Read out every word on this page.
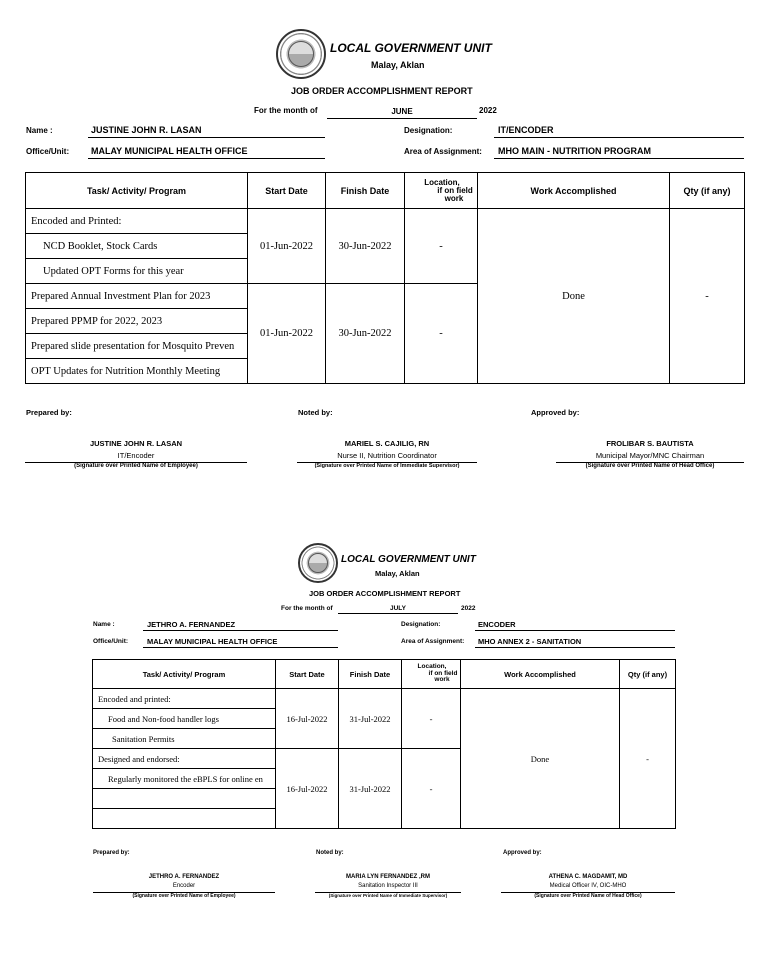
LOCAL GOVERNMENT UNIT
Malay, Aklan
JOB ORDER ACCOMPLISHMENT REPORT
For the month of	JUNE	2022
Name :	JUSTINE JOHN R. LASAN	Designation:	IT/ENCODER
Office/Unit: MALAY MUNICIPAL HEALTH OFFICE	Area of Assignment: MHO MAIN - NUTRITION PROGRAM
Task/ Activity/ Program	Start Date	Finish Date	Location,
if on field
work	Work Accomplished	Qty (if any)
Encoded and Printed:	01-Jun-2022	30-Jun-2022	-	Done	-
NCD Booklet, Stock Cards					
Updated OPT Forms for this year					
Prepared Annual Investment Plan for 2023	01-Jun-2022	30-Jun-2022	-		
Prepared PPMP for 2022, 2023					
Prepared slide presentation for Mosquito Preven					
OPT Updates for Nutrition Monthly Meeting					
Prepared by:	Noted by:	Approved by:
JUSTINE JOHN R. LASAN
IT/Encoder
(Signature over Printed Name of Employee)
MARIEL S. CAJILIG, RN
Nurse II, Nutrition Coordinator
(Signature over Printed Name of Immediate Supervisor)
FROLIBAR S. BAUTISTA
Municipal Mayor/MNC Chairman
(Signature over Printed Name of Head Office)
LOCAL GOVERNMENT UNIT
Malay, Aklan
JOB ORDER ACCOMPLISHMENT REPORT
For the month of	JULY	2022
Name :	JETHRO A. FERNANDEZ	Designation:	ENCODER
Office/Unit:	MALAY MUNICIPAL HEALTH OFFICE	Area of Assignment: MHO ANNEX 2 - SANITATION
Task/ Activity/ Program	Start Date	Finish Date	Location,
if on field
work	Work Accomplished	Qty (if any)
Encoded and printed:	16-Jul-2022	31-Jul-2022	-	Done	-
Food and Non-food handler logs					
Sanitation Permits					
Designed and endorsed:	16-Jul-2022	31-Jul-2022	-		
Regularly monitored the eBPLS for online en					

Prepared by:	Noted by:	Approved by:
JETHRO A. FERNANDEZ
Encoder
(Signature over Printed Name of Employee)
MARIA LYN FERNANDEZ ,RM
Sanitation Inspector III
(Signature over Printed Name of Immediate Supervisor)
ATHENA C. MAGDAMIT, MD
Medical Officer IV, OIC-MHO
(Signature over Printed Name of Head Office)
